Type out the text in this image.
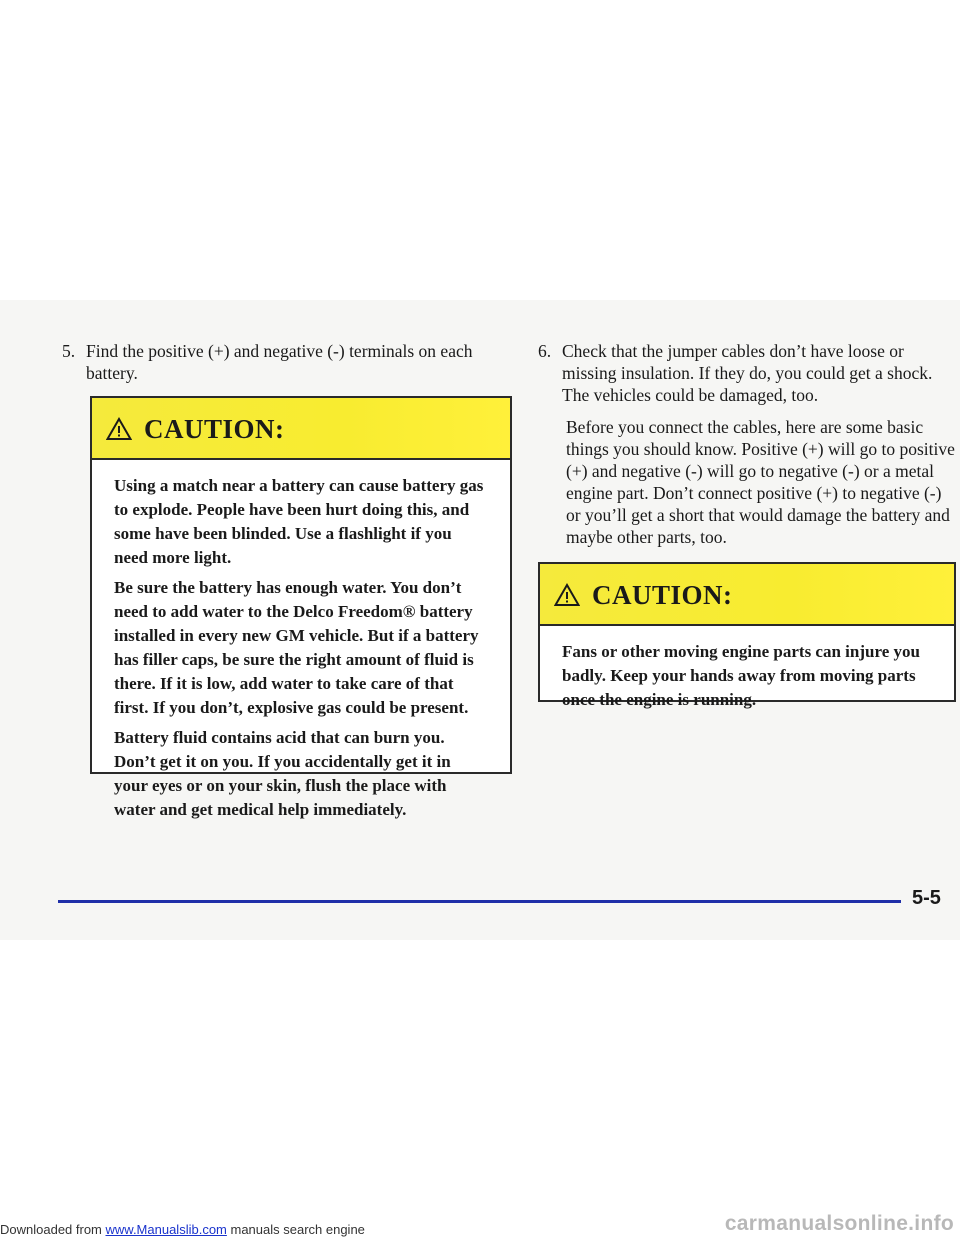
5. Find the positive (+) and negative (-) terminals on each battery.
6. Check that the jumper cables don’t have loose or missing insulation. If they do, you could get a shock. The vehicles could be damaged, too.

Before you connect the cables, here are some basic things you should know. Positive (+) will go to positive (+) and negative (-) will go to negative (-) or a metal engine part. Don’t connect positive (+) to negative (-) or you’ll get a short that would damage the battery and maybe other parts, too.

CAUTION:

Using a match near a battery can cause battery gas to explode. People have been hurt doing this, and some have been blinded. Use a flashlight if you need more light.

Be sure the battery has enough water. You don’t need to add water to the Delco Freedom® battery installed in every new GM vehicle. But if a battery has filler caps, be sure the right amount of fluid is there. If it is low, add water to take care of that first. If you don’t, explosive gas could be present.

Battery fluid contains acid that can burn you. Don’t get it on you. If you accidentally get it in your eyes or on your skin, flush the place with water and get medical help immediately.

CAUTION:

Fans or other moving engine parts can injure you badly. Keep your hands away from moving parts once the engine is running.

5-5
Downloaded from www.Manualslib.com manuals search engine	carmanualsonline.info
